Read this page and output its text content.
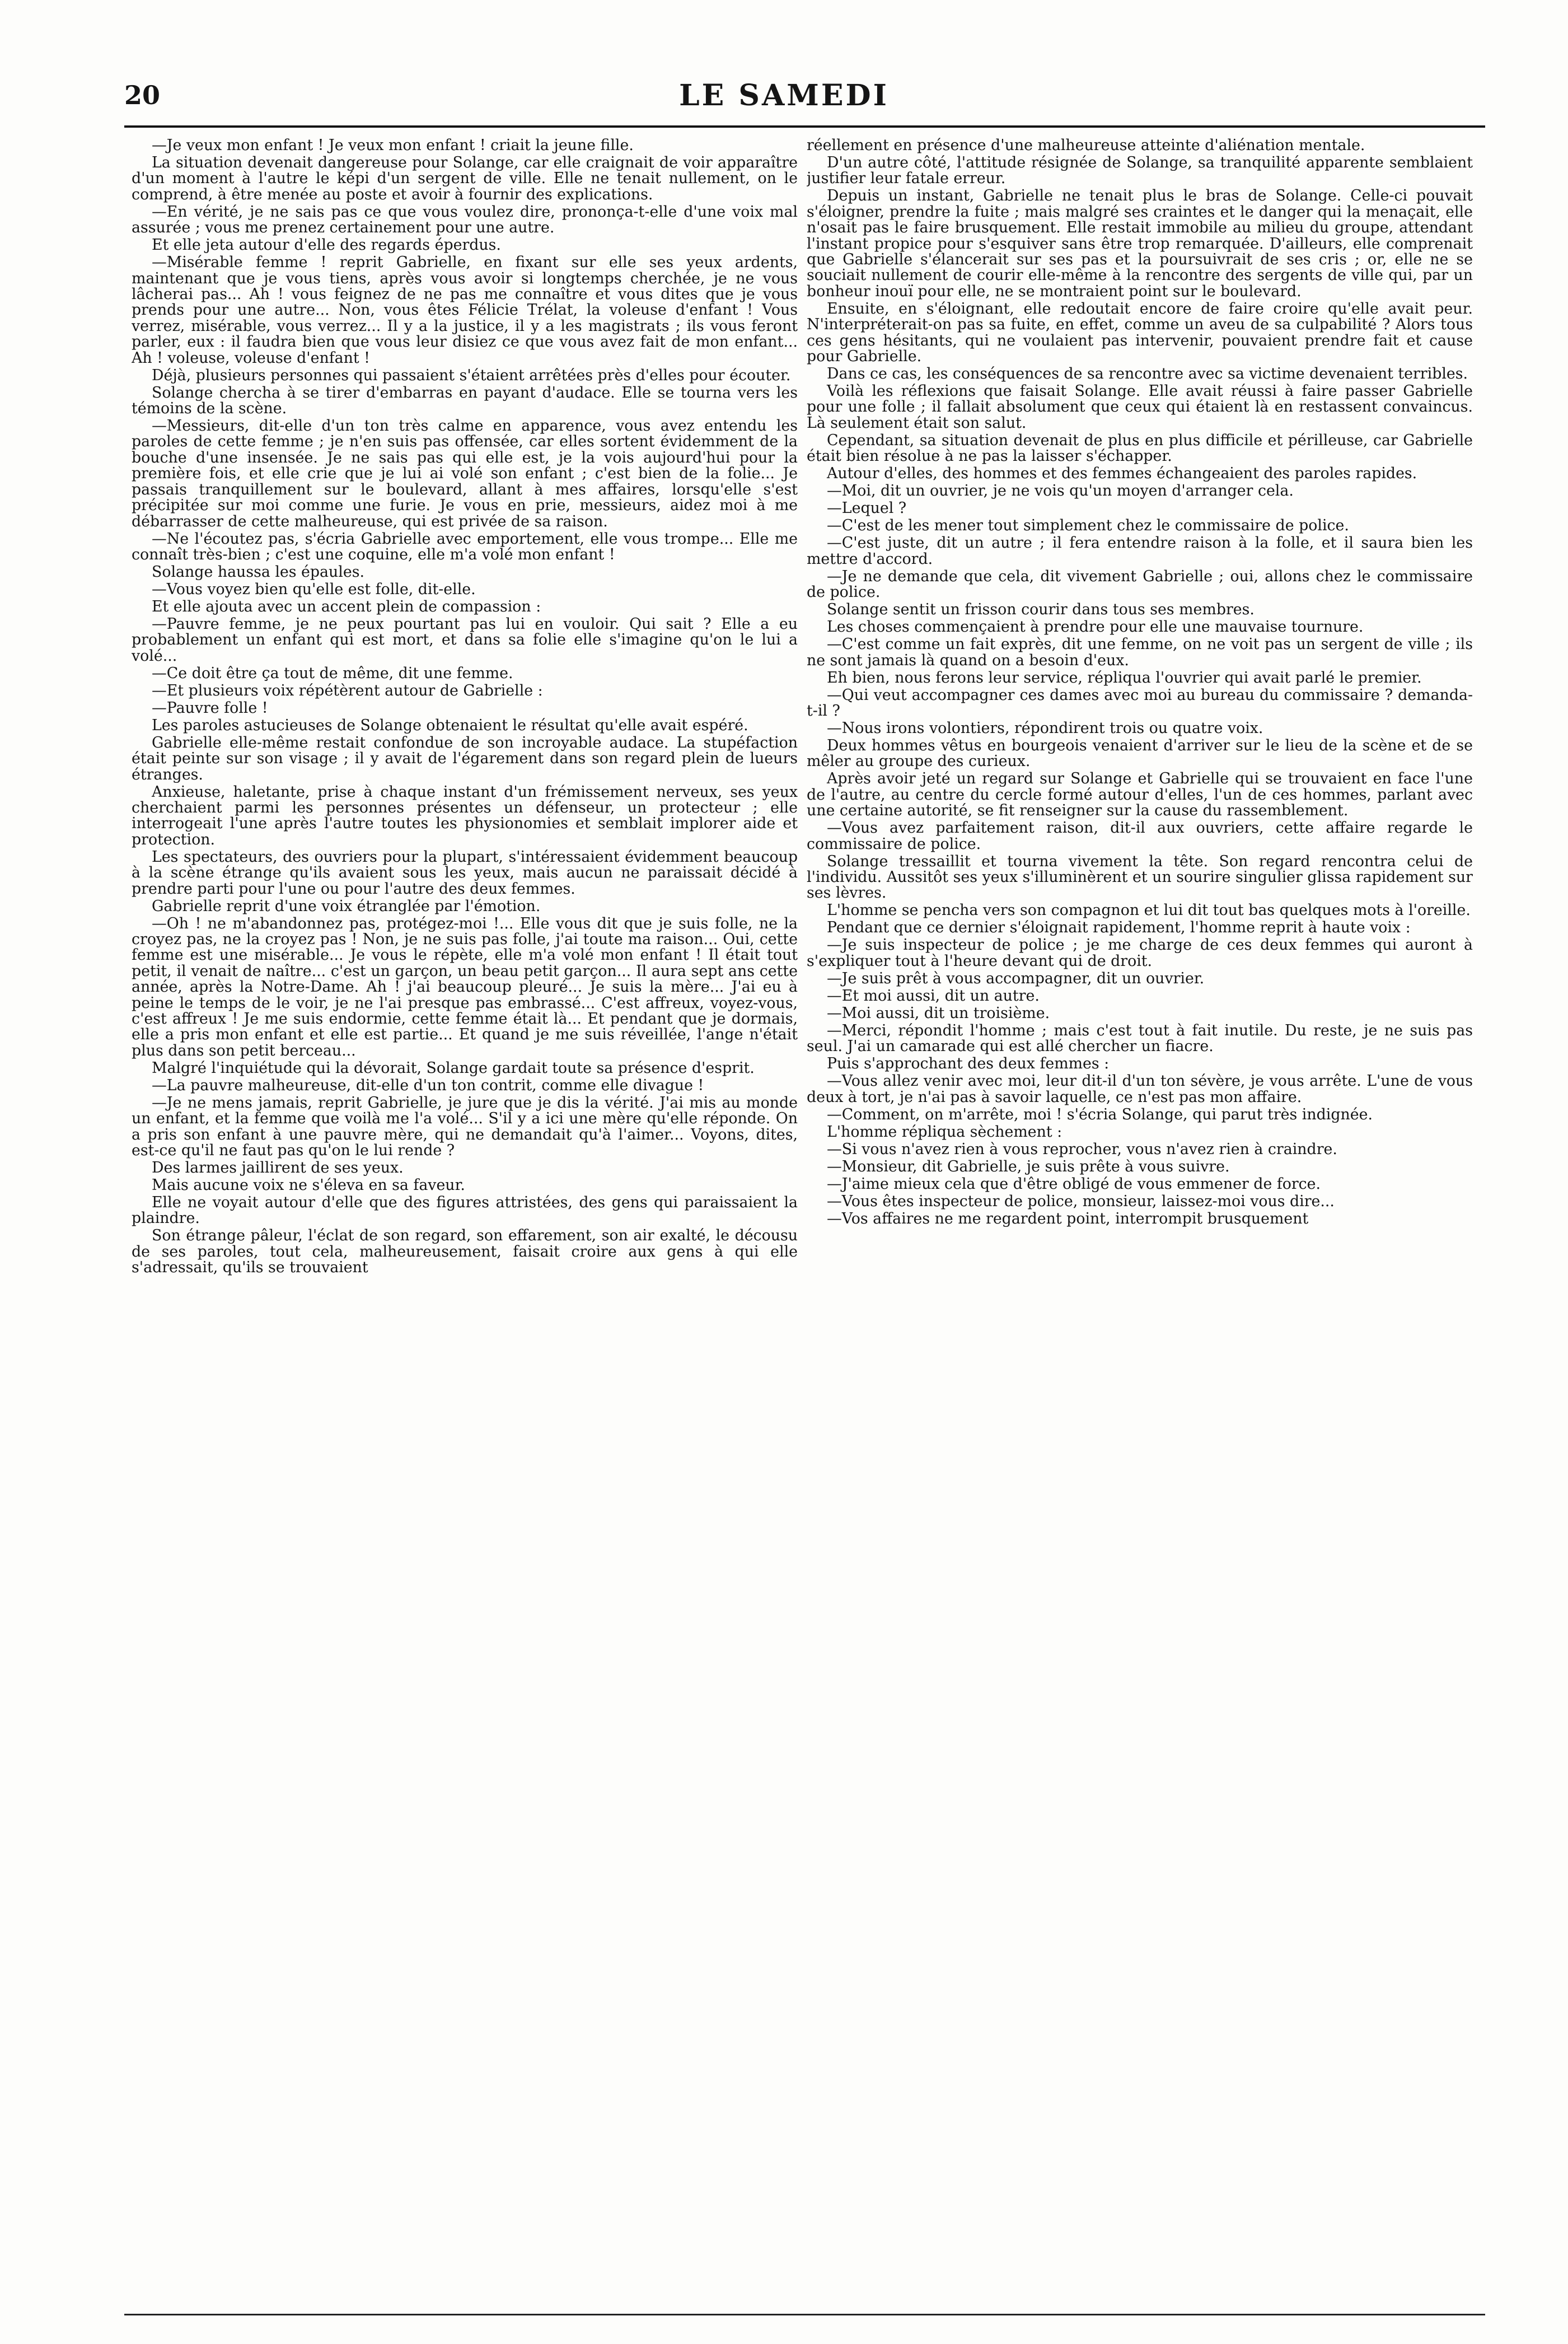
20	LE SAMEDI

—Je veux mon enfant ! Je veux mon enfant ! criait la jeune fille.

La situation devenait dangereuse pour Solange, car elle craignait de voir apparaître d'un moment à l'autre le képi d'un sergent de ville. Elle ne tenait nullement, on le comprend, à être menée au poste et avoir à fournir des explications.

—En vérité, je ne sais pas ce que vous voulez dire, prononça-t-elle d'une voix mal assurée ; vous me prenez certainement pour une autre.

Et elle jeta autour d'elle des regards éperdus.

—Misérable femme ! reprit Gabrielle, en fixant sur elle ses yeux ardents, maintenant que je vous tiens, après vous avoir si longtemps cherchée, je ne vous lâcherai pas... Ah ! vous feignez de ne pas me connaître et vous dites que je vous prends pour une autre... Non, vous êtes Félicie Trélat, la voleuse d'enfant ! Vous verrez, misérable, vous verrez... Il y a la justice, il y a les magistrats ; ils vous feront parler, eux : il faudra bien que vous leur disiez ce que vous avez fait de mon enfant... Ah ! voleuse, voleuse d'enfant !

Déjà, plusieurs personnes qui passaient s'étaient arrêtées près d'elles pour écouter.

Solange chercha à se tirer d'embarras en payant d'audace. Elle se tourna vers les témoins de la scène.

—Messieurs, dit-elle d'un ton très calme en apparence, vous avez entendu les paroles de cette femme ; je n'en suis pas offensée, car elles sortent évidemment de la bouche d'une insensée. Je ne sais pas qui elle est, je la vois aujourd'hui pour la première fois, et elle crie que je lui ai volé son enfant ; c'est bien de la folie... Je passais tranquillement sur le boulevard, allant à mes affaires, lorsqu'elle s'est précipitée sur moi comme une furie. Je vous en prie, messieurs, aidez moi à me débarrasser de cette malheureuse, qui est privée de sa raison.

—Ne l'écoutez pas, s'écria Gabrielle avec emportement, elle vous trompe... Elle me connaît très-bien ; c'est une coquine, elle m'a volé mon enfant !

Solange haussa les épaules.

—Vous voyez bien qu'elle est folle, dit-elle.

Et elle ajouta avec un accent plein de compassion :

—Pauvre femme, je ne peux pourtant pas lui en vouloir. Qui sait ? Elle a eu probablement un enfant qui est mort, et dans sa folie elle s'imagine qu'on le lui a volé...

—Ce doit être ça tout de même, dit une femme.

—Et plusieurs voix répétèrent autour de Gabrielle :

—Pauvre folle !

Les paroles astucieuses de Solange obtenaient le résultat qu'elle avait espéré.

Gabrielle elle-même restait confondue de son incroyable audace. La stupéfaction était peinte sur son visage ; il y avait de l'égarement dans son regard plein de lueurs étranges.

Anxieuse, haletante, prise à chaque instant d'un frémissement nerveux, ses yeux cherchaient parmi les personnes présentes un défenseur, un protecteur ; elle interrogeait l'une après l'autre toutes les physionomies et semblait implorer aide et protection.

Les spectateurs, des ouvriers pour la plupart, s'intéressaient évidemment beaucoup à la scène étrange qu'ils avaient sous les yeux, mais aucun ne paraissait décidé à prendre parti pour l'une ou pour l'autre des deux femmes.

Gabrielle reprit d'une voix étranglée par l'émotion.

—Oh ! ne m'abandonnez pas, protégez-moi !... Elle vous dit que je suis folle, ne la croyez pas, ne la croyez pas ! Non, je ne suis pas folle, j'ai toute ma raison... Oui, cette femme est une misérable... Je vous le répète, elle m'a volé mon enfant ! Il était tout petit, il venait de naître... c'est un garçon, un beau petit garçon... Il aura sept ans cette année, après la Notre-Dame. Ah ! j'ai beaucoup pleuré... Je suis la mère... J'ai eu à peine le temps de le voir, je ne l'ai presque pas embrassé... C'est affreux, voyez-vous, c'est affreux ! Je me suis endormie, cette femme était là... Et pendant que je dormais, elle a pris mon enfant et elle est partie... Et quand je me suis réveillée, l'ange n'était plus dans son petit berceau...

Malgré l'inquiétude qui la dévorait, Solange gardait toute sa présence d'esprit.

—La pauvre malheureuse, dit-elle d'un ton contrit, comme elle divague !

—Je ne mens jamais, reprit Gabrielle, je jure que je dis la vérité. J'ai mis au monde un enfant, et la femme que voilà me l'a volé... S'il y a ici une mère qu'elle réponde. On a pris son enfant à une pauvre mère, qui ne demandait qu'à l'aimer... Voyons, dites, est-ce qu'il ne faut pas qu'on le lui rende ?

Des larmes jaillirent de ses yeux.

Mais aucune voix ne s'éleva en sa faveur.

Elle ne voyait autour d'elle que des figures attristées, des gens qui paraissaient la plaindre.

Son étrange pâleur, l'éclat de son regard, son effarement, son air exalté, le décousu de ses paroles, tout cela, malheureusement, faisait croire aux gens à qui elle s'adressait, qu'ils se trouvaient

réellement en présence d'une malheureuse atteinte d'aliénation mentale.

D'un autre côté, l'attitude résignée de Solange, sa tranquilité apparente semblaient justifier leur fatale erreur.

Depuis un instant, Gabrielle ne tenait plus le bras de Solange. Celle-ci pouvait s'éloigner, prendre la fuite ; mais malgré ses craintes et le danger qui la menaçait, elle n'osait pas le faire brusquement. Elle restait immobile au milieu du groupe, attendant l'instant propice pour s'esquiver sans être trop remarquée. D'ailleurs, elle comprenait que Gabrielle s'élancerait sur ses pas et la poursuivrait de ses cris ; or, elle ne se souciait nullement de courir elle-même à la rencontre des sergents de ville qui, par un bonheur inouï pour elle, ne se montraient point sur le boulevard.

Ensuite, en s'éloignant, elle redoutait encore de faire croire qu'elle avait peur. N'interpréterait-on pas sa fuite, en effet, comme un aveu de sa culpabilité ? Alors tous ces gens hésitants, qui ne voulaient pas intervenir, pouvaient prendre fait et cause pour Gabrielle.

Dans ce cas, les conséquences de sa rencontre avec sa victime devenaient terribles.

Voilà les réflexions que faisait Solange. Elle avait réussi à faire passer Gabrielle pour une folle ; il fallait absolument que ceux qui étaient là en restassent convaincus. Là seulement était son salut.

Cependant, sa situation devenait de plus en plus difficile et périlleuse, car Gabrielle était bien résolue à ne pas la laisser s'échapper.

Autour d'elles, des hommes et des femmes échangeaient des paroles rapides.

—Moi, dit un ouvrier, je ne vois qu'un moyen d'arranger cela.

—Lequel ?

—C'est de les mener tout simplement chez le commissaire de police.

—C'est juste, dit un autre ; il fera entendre raison à la folle, et il saura bien les mettre d'accord.

—Je ne demande que cela, dit vivement Gabrielle ; oui, allons chez le commissaire de police.

Solange sentit un frisson courir dans tous ses membres.

Les choses commençaient à prendre pour elle une mauvaise tournure.

—C'est comme un fait exprès, dit une femme, on ne voit pas un sergent de ville ; ils ne sont jamais là quand on a besoin d'eux.

Eh bien, nous ferons leur service, répliqua l'ouvrier qui avait parlé le premier.

—Qui veut accompagner ces dames avec moi au bureau du commissaire ? demanda-t-il ?

—Nous irons volontiers, répondirent trois ou quatre voix.

Deux hommes vêtus en bourgeois venaient d'arriver sur le lieu de la scène et de se mêler au groupe des curieux.

Après avoir jeté un regard sur Solange et Gabrielle qui se trouvaient en face l'une de l'autre, au centre du cercle formé autour d'elles, l'un de ces hommes, parlant avec une certaine autorité, se fit renseigner sur la cause du rassemblement.

—Vous avez parfaitement raison, dit-il aux ouvriers, cette affaire regarde le commissaire de police.

Solange tressaillit et tourna vivement la tête. Son regard rencontra celui de l'individu. Aussitôt ses yeux s'illuminèrent et un sourire singulier glissa rapidement sur ses lèvres.

L'homme se pencha vers son compagnon et lui dit tout bas quelques mots à l'oreille.

Pendant que ce dernier s'éloignait rapidement, l'homme reprit à haute voix :

—Je suis inspecteur de police ; je me charge de ces deux femmes qui auront à s'expliquer tout à l'heure devant qui de droit.

—Je suis prêt à vous accompagner, dit un ouvrier.

—Et moi aussi, dit un autre.

—Moi aussi, dit un troisième.

—Merci, répondit l'homme ; mais c'est tout à fait inutile. Du reste, je ne suis pas seul. J'ai un camarade qui est allé chercher un fiacre.

Puis s'approchant des deux femmes :

—Vous allez venir avec moi, leur dit-il d'un ton sévère, je vous arrête. L'une de vous deux à tort, je n'ai pas à savoir laquelle, ce n'est pas mon affaire.

—Comment, on m'arrête, moi ! s'écria Solange, qui parut très indignée.

L'homme répliqua sèchement :

—Si vous n'avez rien à vous reprocher, vous n'avez rien à craindre.

—Monsieur, dit Gabrielle, je suis prête à vous suivre.

—J'aime mieux cela que d'être obligé de vous emmener de force.

—Vous êtes inspecteur de police, monsieur, laissez-moi vous dire...

—Vos affaires ne me regardent point, interrompit brusquement
